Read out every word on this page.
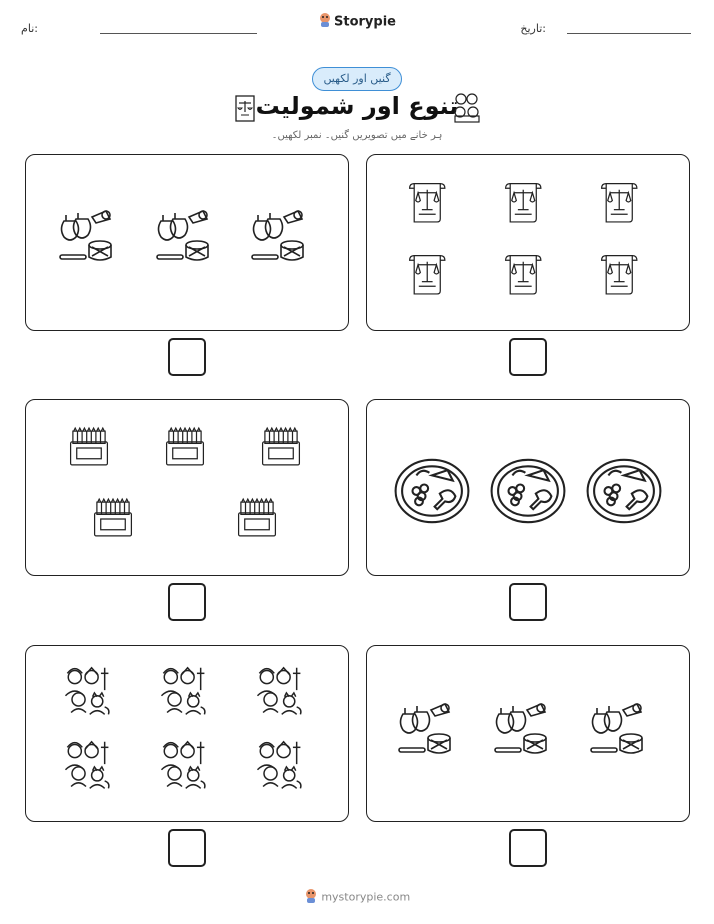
نام:	Storypie	تاریخ:
گنیں اور لکھیں
تنوع اور شمولیت
ہر خانے میں تصویریں گنیں۔ نمبر لکھیں۔
mystorypie.com
